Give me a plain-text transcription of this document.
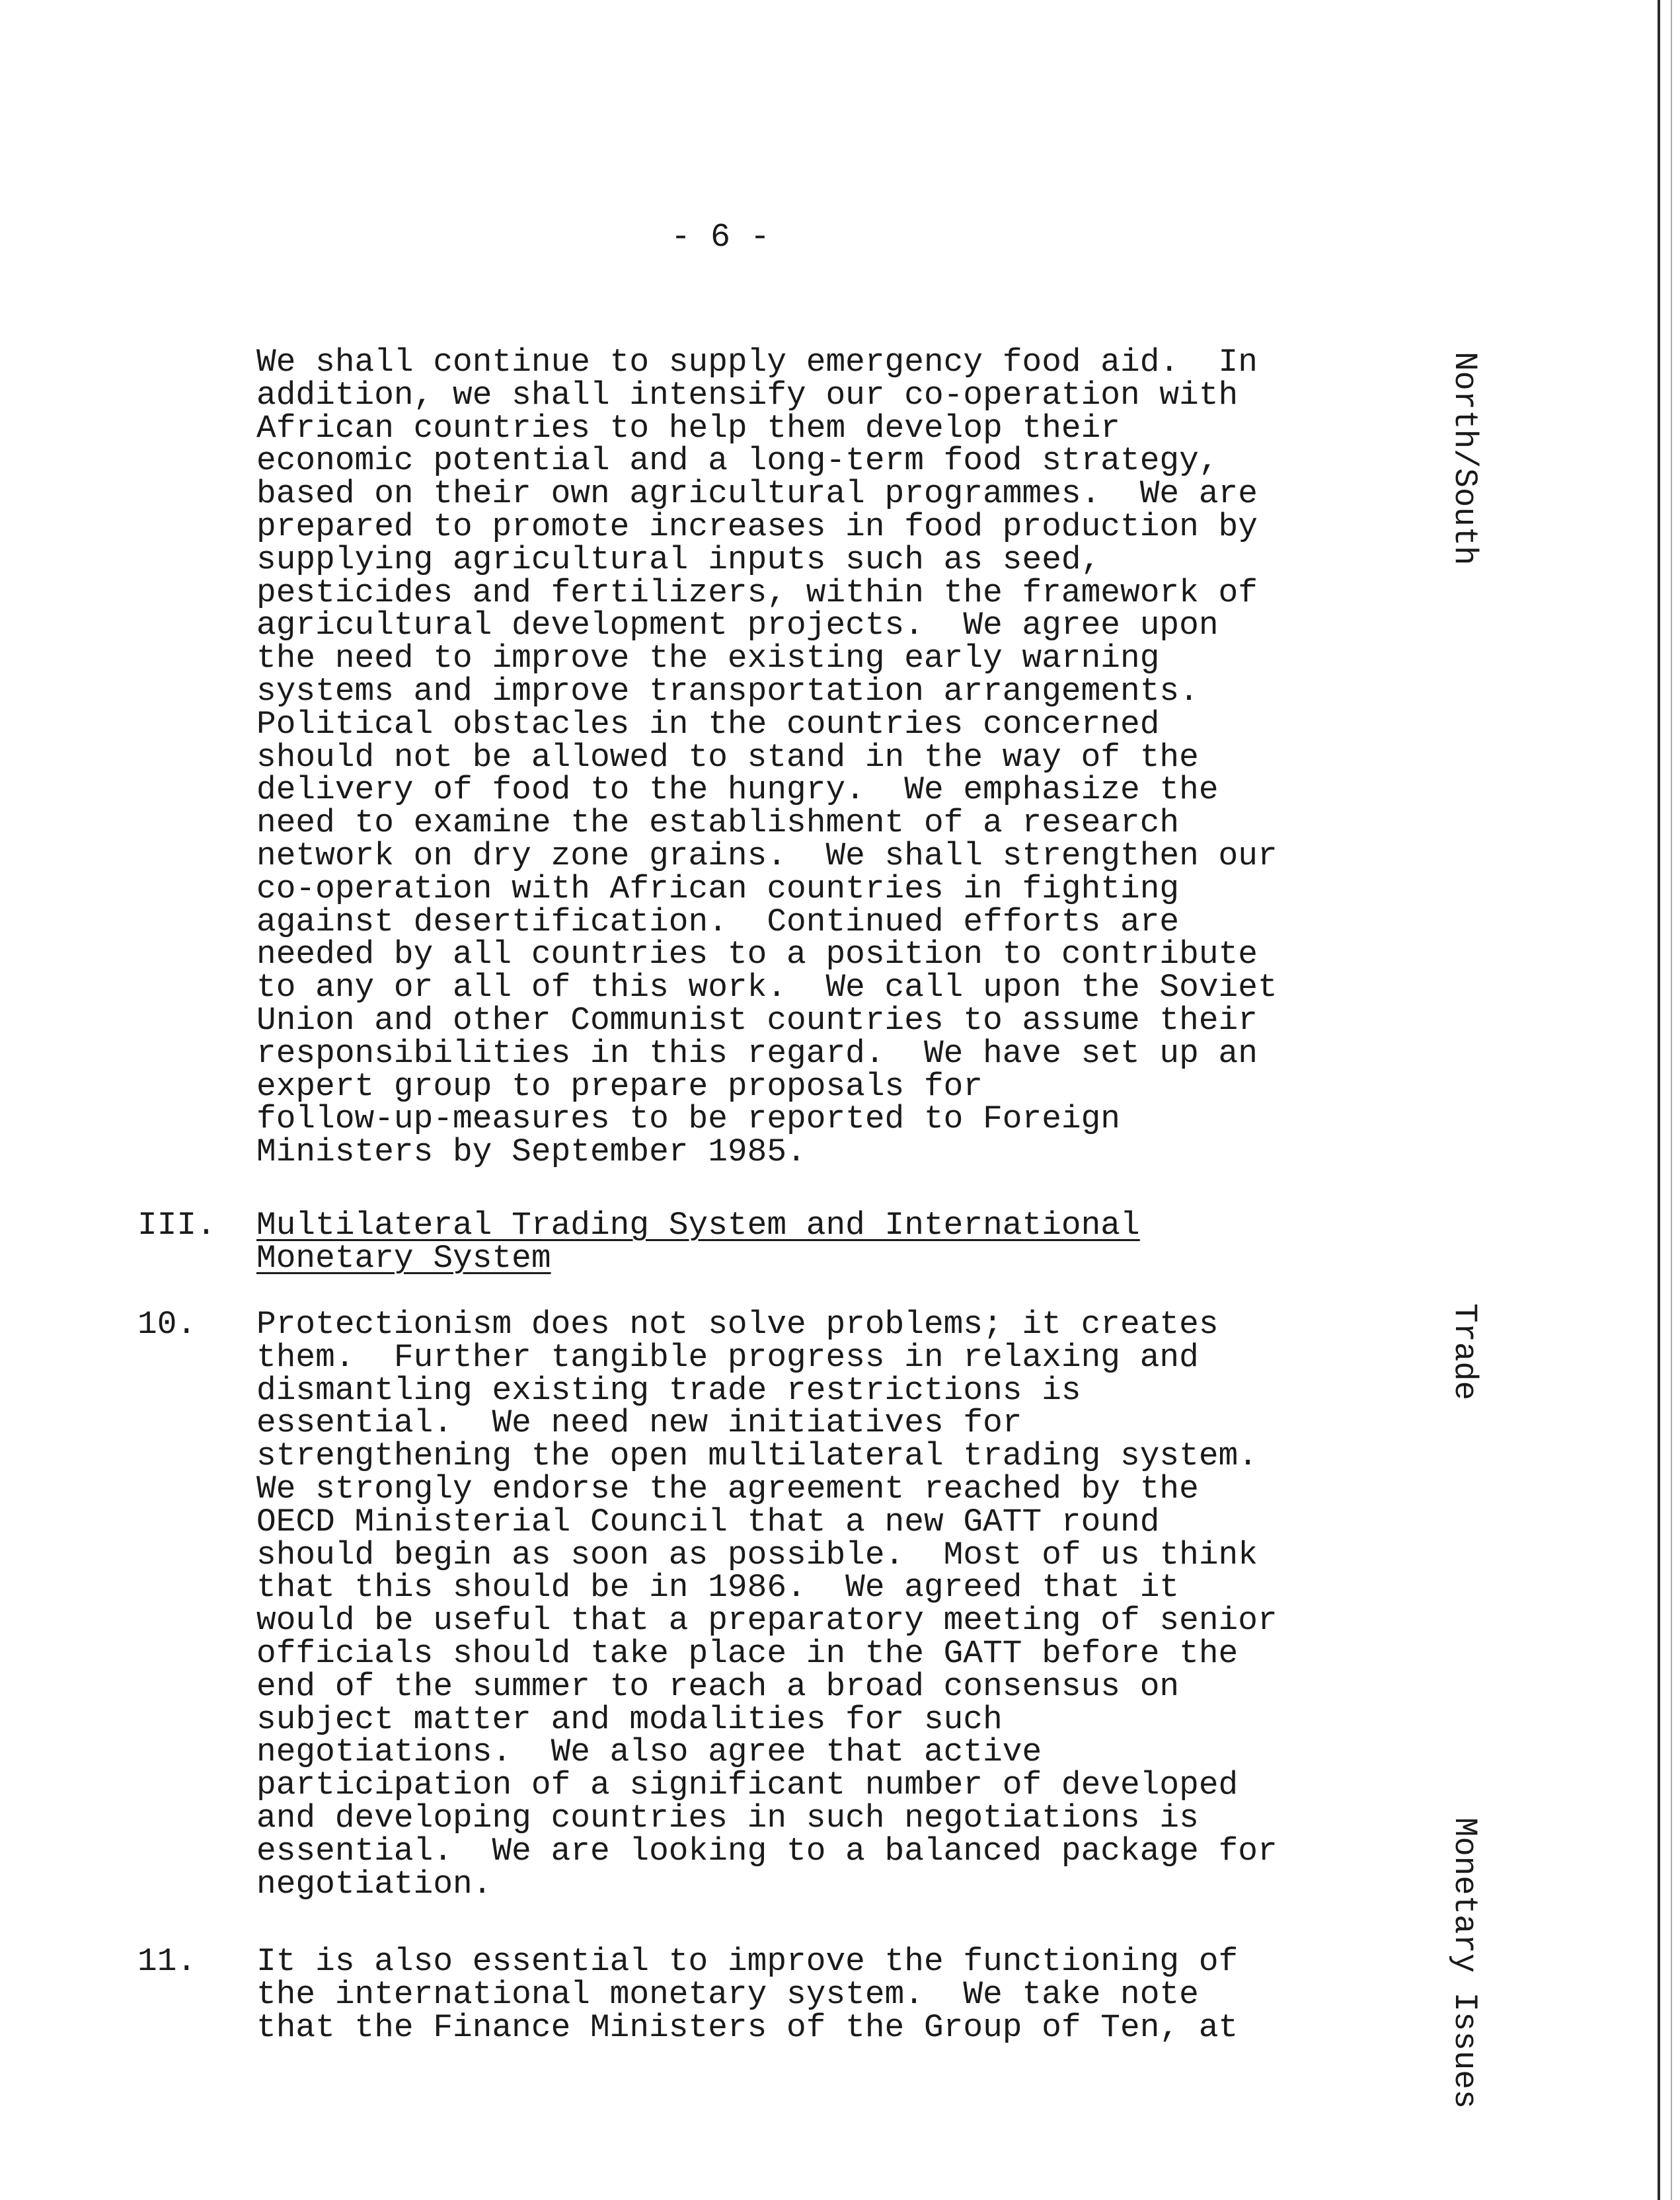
- 6 -
We shall continue to supply emergency food aid.  In
addition, we shall intensify our co-operation with
African countries to help them develop their
economic potential and a long-term food strategy,
based on their own agricultural programmes.  We are
prepared to promote increases in food production by
supplying agricultural inputs such as seed,
pesticides and fertilizers, within the framework of
agricultural development projects.  We agree upon
the need to improve the existing early warning
systems and improve transportation arrangements.
Political obstacles in the countries concerned
should not be allowed to stand in the way of the
delivery of food to the hungry.  We emphasize the
need to examine the establishment of a research
network on dry zone grains.  We shall strengthen our
co-operation with African countries in fighting
against desertification.  Continued efforts are
needed by all countries to a position to contribute
to any or all of this work.  We call upon the Soviet
Union and other Communist countries to assume their
responsibilities in this regard.  We have set up an
expert group to prepare proposals for
follow-up-measures to be reported to Foreign
Ministers by September 1985.
III. Multilateral Trading System and International
Monetary System
10. Protectionism does not solve problems; it creates
them.  Further tangible progress in relaxing and
dismantling existing trade restrictions is
essential.  We need new initiatives for
strengthening the open multilateral trading system.
We strongly endorse the agreement reached by the
OECD Ministerial Council that a new GATT round
should begin as soon as possible.  Most of us think
that this should be in 1986.  We agreed that it
would be useful that a preparatory meeting of senior
officials should take place in the GATT before the
end of the summer to reach a broad consensus on
subject matter and modalities for such
negotiations.  We also agree that active
participation of a significant number of developed
and developing countries in such negotiations is
essential.  We are looking to a balanced package for
negotiation.
11. It is also essential to improve the functioning of
the international monetary system.  We take note
that the Finance Ministers of the Group of Ten, at
North/South
Trade
Monetary Issues
